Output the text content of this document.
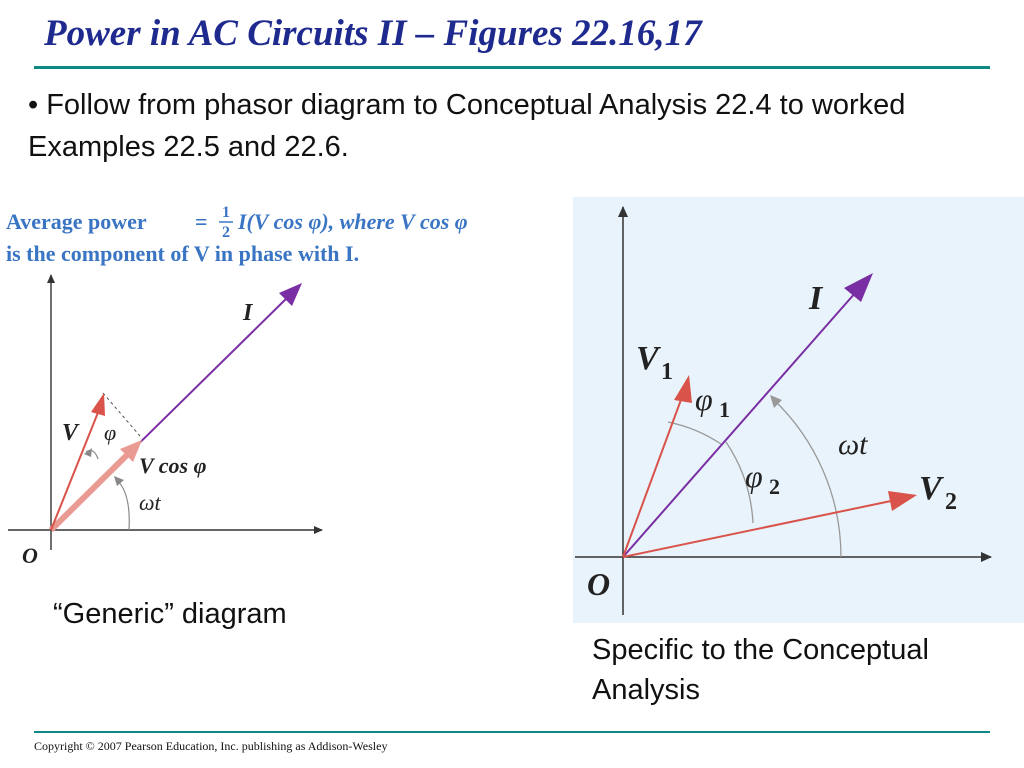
Power in AC Circuits II – Figures 22.16,17
• Follow from phasor diagram to Conceptual Analysis 22.4 to worked Examples 22.5 and 22.6.
Average power = 1
2 I(V cos φ), where V cos φ
is the component of V in phase with I.
I
V φ
V cos φ
ωt
O
I
V 1
φ 1
φ 2
ωt
V 2
O
“Generic” diagram
Specific to the Conceptual Analysis
Copyright © 2007 Pearson Education, Inc. publishing as Addison-Wesley
